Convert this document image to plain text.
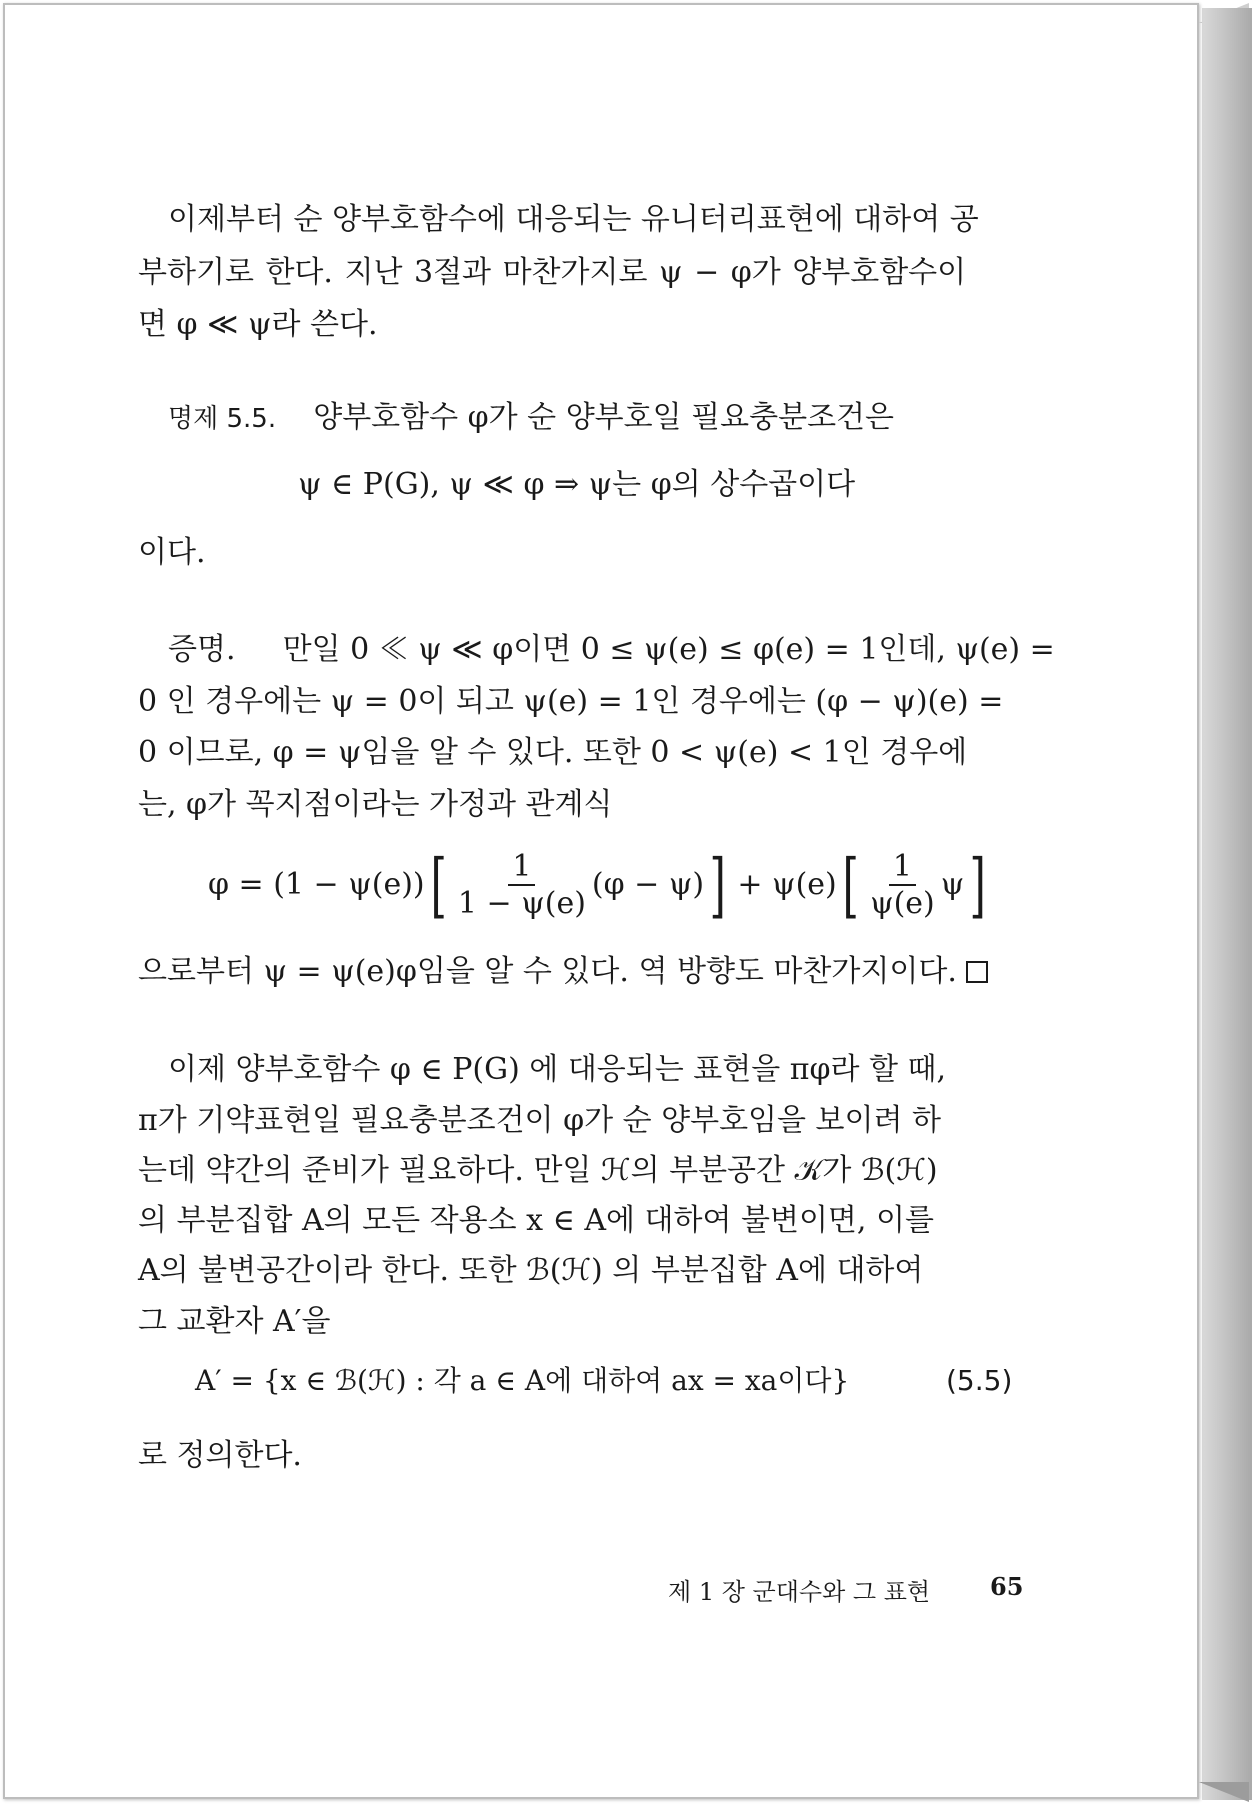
이제부터 순 양부호함수에 대응되는 유니터리표현에 대하여 공
부하기로 한다. 지난 3절과 마찬가지로 ψ − φ가 양부호함수이
면 φ ≪ ψ라 쓴다.
명제 5.5. 양부호함수 φ가 순 양부호일 필요충분조건은
ψ ∈ P(G), ψ ≪ φ ⇒ ψ는 φ의 상수곱이다
이다.
증명. 만일 0 ≪ ψ ≪ φ이면 0 ≤ ψ(e) ≤ φ(e) = 1인데, ψ(e) =
0 인 경우에는 ψ = 0이 되고 ψ(e) = 1인 경우에는 (φ − ψ)(e) =
0 이므로, φ = ψ임을 알 수 있다. 또한 0 < ψ(e) < 1인 경우에
는, φ가 꼭지점이라는 가정과 관계식
φ = (1 − ψ(e)) [ $\frac{1}{1 - \psi(e)} (\varphi - \psi)$ ] + ψ(e) [ $\frac{1}{\psi(e)}$ ψ ]
으로부터 ψ = ψ(e)φ임을 알 수 있다. 역 방향도 마찬가지이다.
이제 양부호함수 φ ∈ P(G) 에 대응되는 표현을 πφ라 할 때,
π가 기약표현일 필요충분조건이 φ가 순 양부호임을 보이려 하
는데 약간의 준비가 필요하다. 만일 ℋ의 부분공간 𝒦가 ℬ(ℋ)
의 부분집합 A의 모든 작용소 x ∈ A에 대하여 불변이면, 이를
A의 불변공간이라 한다. 또한 ℬ(ℋ) 의 부분집합 A에 대하여
그 교환자 A′을
A′ = {x ∈ ℬ(ℋ) : 각 a ∈ A에 대하여 ax = xa이다}	(5.5)
로 정의한다.
제 1 장 군대수와 그 표현 65
